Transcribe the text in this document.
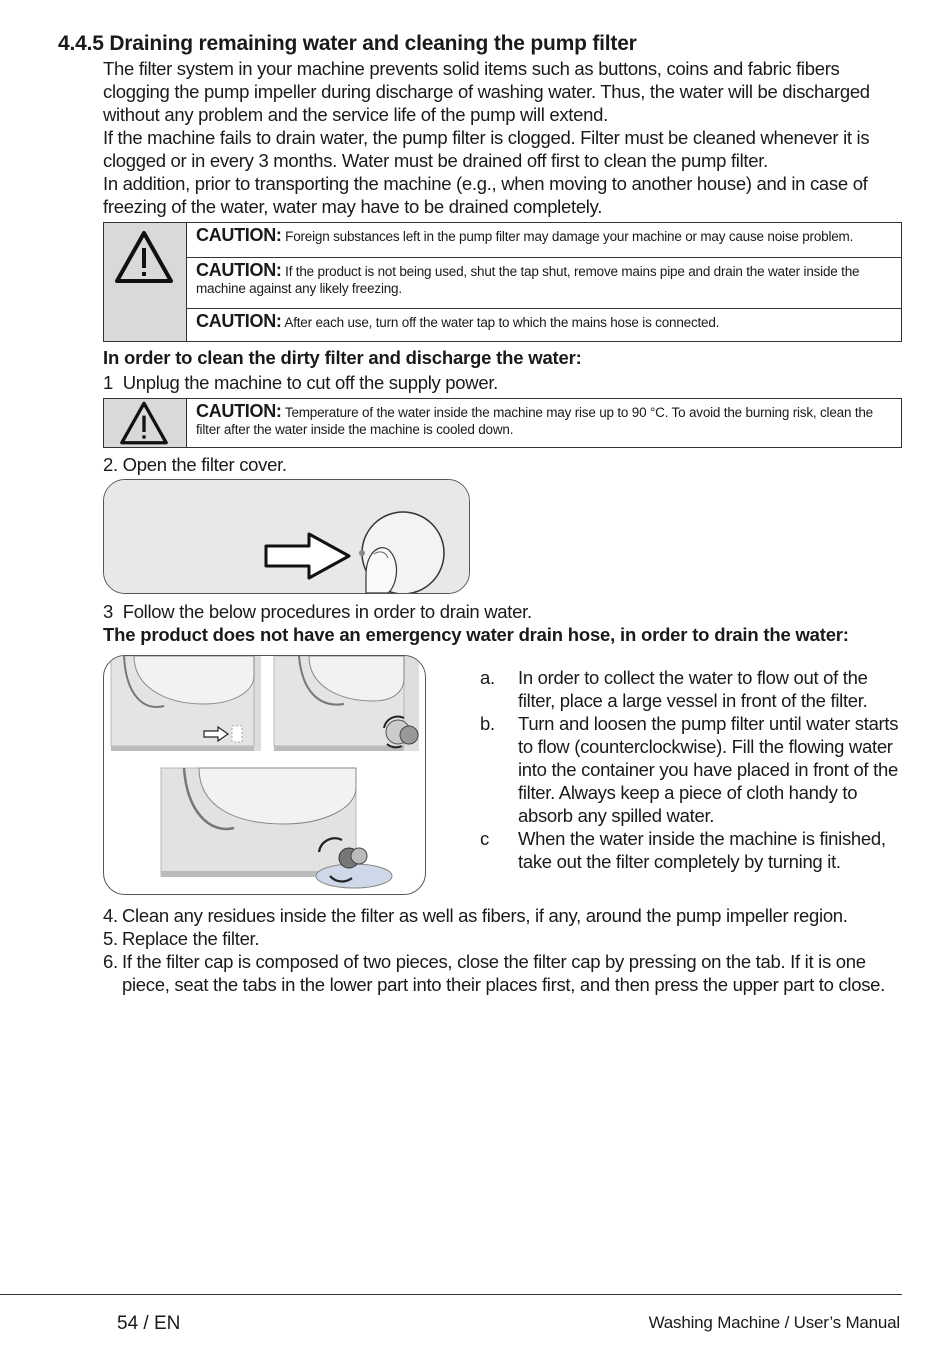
4.4.5 Draining remaining water and cleaning the pump filter
The filter system in your machine prevents solid items such as buttons, coins and fabric fibers
clogging the pump impeller during discharge of washing water. Thus, the water will be discharged
without any problem and the service life of the pump will extend.
If the machine fails to drain water, the pump filter is clogged. Filter must be cleaned whenever it is
clogged or in every 3 months. Water must be drained off first to clean the pump filter.
In addition, prior to transporting the machine (e.g., when moving to another house) and in case of
freezing of the water, water may have to be drained completely.
CAUTION: Foreign substances left in the pump filter may damage your machine or may cause noise problem.
CAUTION: If the product is not being used, shut the tap shut, remove mains pipe and drain the water inside the machine against any likely freezing.
CAUTION: After each use, turn off the water tap to which the mains hose is connected.
In order to clean the dirty filter and discharge the water:
1 Unplug the machine to cut off the supply power.
CAUTION: Temperature of the water inside the machine may rise up to 90 °C. To avoid the burning risk, clean the filter after the water inside the machine is cooled down.
2. Open the filter cover.
3 Follow the below procedures in order to drain water.
The product does not have an emergency water drain hose, in order to drain the water:
a. In order to collect the water to flow out of the filter, place a large vessel in front of the filter.
b. Turn and loosen the pump filter until water starts to flow (counterclockwise). Fill the flowing water into the container you have placed in front of the filter. Always keep a piece of cloth handy to absorb any spilled water.
c When the water inside the machine is finished, take out the filter completely by turning it.
4. Clean any residues inside the filter as well as fibers, if any, around the pump impeller region.
5. Replace the filter.
6. If the filter cap is composed of two pieces, close the filter cap by pressing on the tab. If it is one piece, seat the tabs in the lower part into their places first, and then press the upper part to close.
54 / EN	Washing Machine / User’s Manual
